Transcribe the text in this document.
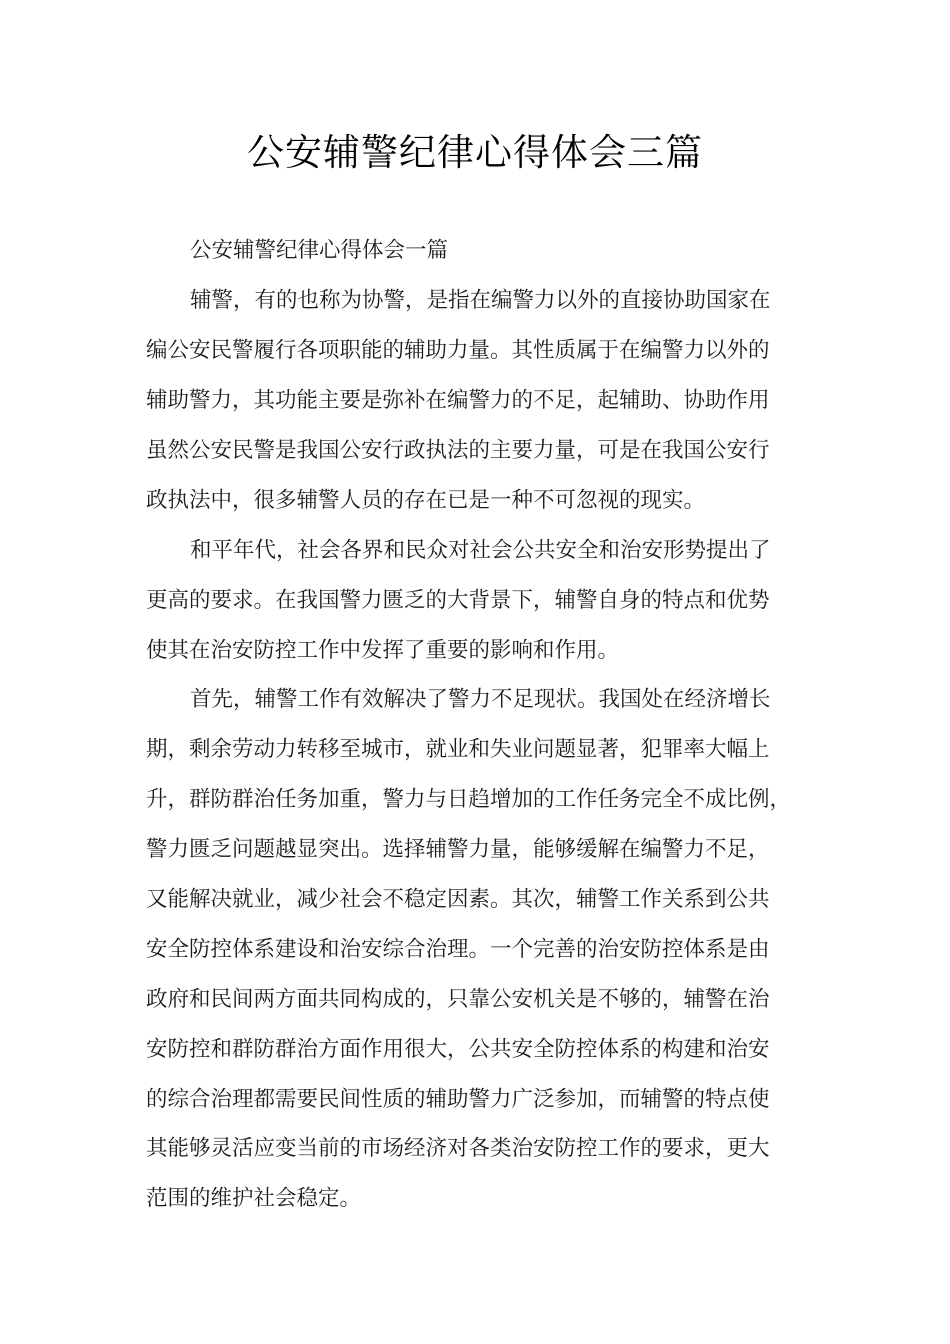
公安辅警纪律心得体会三篇
公安辅警纪律心得体会一篇
辅警，有的也称为协警，是指在编警力以外的直接协助国家在
编公安民警履行各项职能的辅助力量。其性质属于在编警力以外的
辅助警力，其功能主要是弥补在编警力的不足，起辅助、协助作用
虽然公安民警是我国公安行政执法的主要力量，可是在我国公安行
政执法中，很多辅警人员的存在已是一种不可忽视的现实。
和平年代，社会各界和民众对社会公共安全和治安形势提出了
更高的要求。在我国警力匮乏的大背景下，辅警自身的特点和优势
使其在治安防控工作中发挥了重要的影响和作用。
首先，辅警工作有效解决了警力不足现状。我国处在经济增长
期，剩余劳动力转移至城市，就业和失业问题显著，犯罪率大幅上
升，群防群治任务加重，警力与日趋增加的工作任务完全不成比例，
警力匮乏问题越显突出。选择辅警力量，能够缓解在编警力不足，
又能解决就业，减少社会不稳定因素。其次，辅警工作关系到公共
安全防控体系建设和治安综合治理。一个完善的治安防控体系是由
政府和民间两方面共同构成的，只靠公安机关是不够的，辅警在治
安防控和群防群治方面作用很大，公共安全防控体系的构建和治安
的综合治理都需要民间性质的辅助警力广泛参加，而辅警的特点使
其能够灵活应变当前的市场经济对各类治安防控工作的要求，更大
范围的维护社会稳定。
